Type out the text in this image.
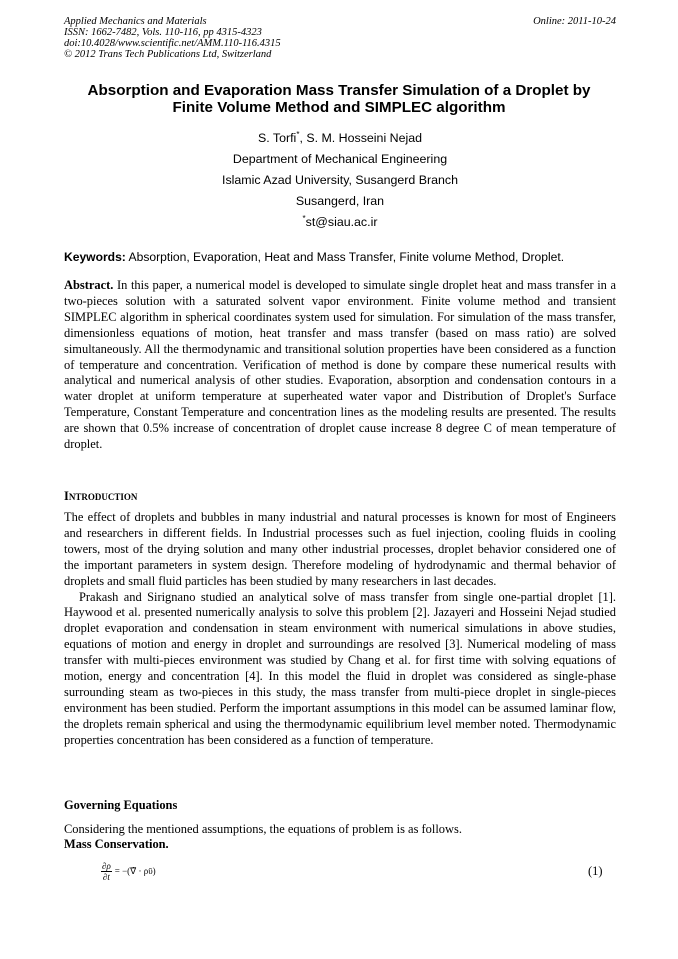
Applied Mechanics and Materials
ISSN: 1662-7482, Vols. 110-116, pp 4315-4323
doi:10.4028/www.scientific.net/AMM.110-116.4315
© 2012 Trans Tech Publications Ltd, Switzerland
Online: 2011-10-24
Absorption and Evaporation Mass Transfer Simulation of a Droplet by
Finite Volume Method and SIMPLEC algorithm
S. Torfi*, S. M. Hosseini Nejad
Department of Mechanical Engineering
Islamic Azad University, Susangerd Branch
Susangerd, Iran
*st@siau.ac.ir
Keywords: Absorption, Evaporation, Heat and Mass Transfer, Finite volume Method, Droplet.
Abstract. In this paper, a numerical model is developed to simulate single droplet heat and mass transfer in a two-pieces solution with a saturated solvent vapor environment. Finite volume method and transient SIMPLEC algorithm in spherical coordinates system used for simulation. For simulation of the mass transfer, dimensionless equations of motion, heat transfer and mass transfer (based on mass ratio) are solved simultaneously. All the thermodynamic and transitional solution properties have been considered as a function of temperature and concentration. Verification of method is done by compare these numerical results with analytical and numerical analysis of other studies. Evaporation, absorption and condensation contours in a water droplet at uniform temperature at superheated water vapor and Distribution of Droplet's Surface Temperature, Constant Temperature and concentration lines as the modeling results are presented. The results are shown that 0.5% increase of concentration of droplet cause increase 8 degree C of mean temperature of droplet.
Introduction
The effect of droplets and bubbles in many industrial and natural processes is known for most of Engineers and researchers in different fields. In Industrial processes such as fuel injection, cooling fluids in cooling towers, most of the drying solution and many other industrial processes, droplet behavior considered one of the important parameters in system design. Therefore modeling of hydrodynamic and thermal behavior of droplets and small fluid particles has been studied by many researchers in last decades.
Prakash and Sirignano studied an analytical solve of mass transfer from single one-partial droplet [1]. Haywood et al. presented numerically analysis to solve this problem [2]. Jazayeri and Hosseini Nejad studied droplet evaporation and condensation in steam environment with numerical simulations in above studies, equations of motion and energy in droplet and surroundings are resolved [3]. Numerical modeling of mass transfer with multi-pieces environment was studied by Chang et al. for first time with solving equations of motion, energy and concentration [4]. In this model the fluid in droplet was considered as single-phase surrounding steam as two-pieces in this study, the mass transfer from multi-piece droplet in single-pieces environment has been studied. Perform the important assumptions in this model can be assumed laminar flow, the droplets remain spherical and using the thermodynamic equilibrium level member noted. Thermodynamic properties concentration has been considered as a function of temperature.
Governing Equations
Considering the mentioned assumptions, the equations of problem is as follows.
Mass Conservation.
$\frac{\partial\rho}{\partial t}$ = −(∇̃ · ρῡ)	(1)
